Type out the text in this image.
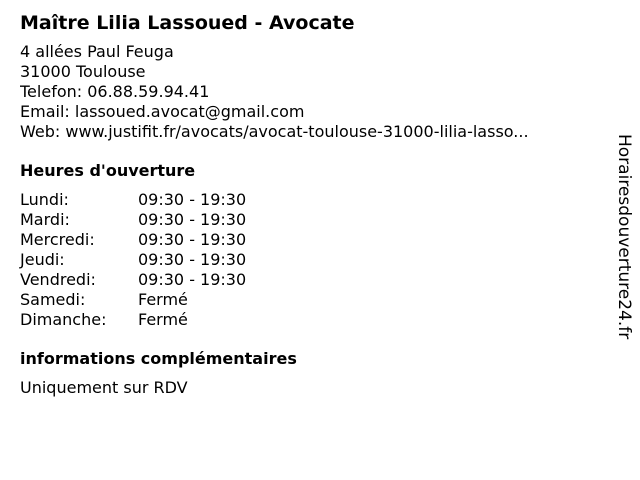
Maître Lilia Lassoued - Avocate
4 allées Paul Feuga
31000 Toulouse
Telefon: 06.88.59.94.41
Email: lassoued.avocat@gmail.com
Web: www.justifit.fr/avocats/avocat-toulouse-31000-lilia-lasso...
Heures d'ouverture
Lundi:	09:30 - 19:30
Mardi:	09:30 - 19:30
Mercredi:	09:30 - 19:30
Jeudi:	09:30 - 19:30
Vendredi:	09:30 - 19:30
Samedi:	Fermé
Dimanche:	Fermé
informations complémentaires
Uniquement sur RDV
Horairesdouverture24.fr
